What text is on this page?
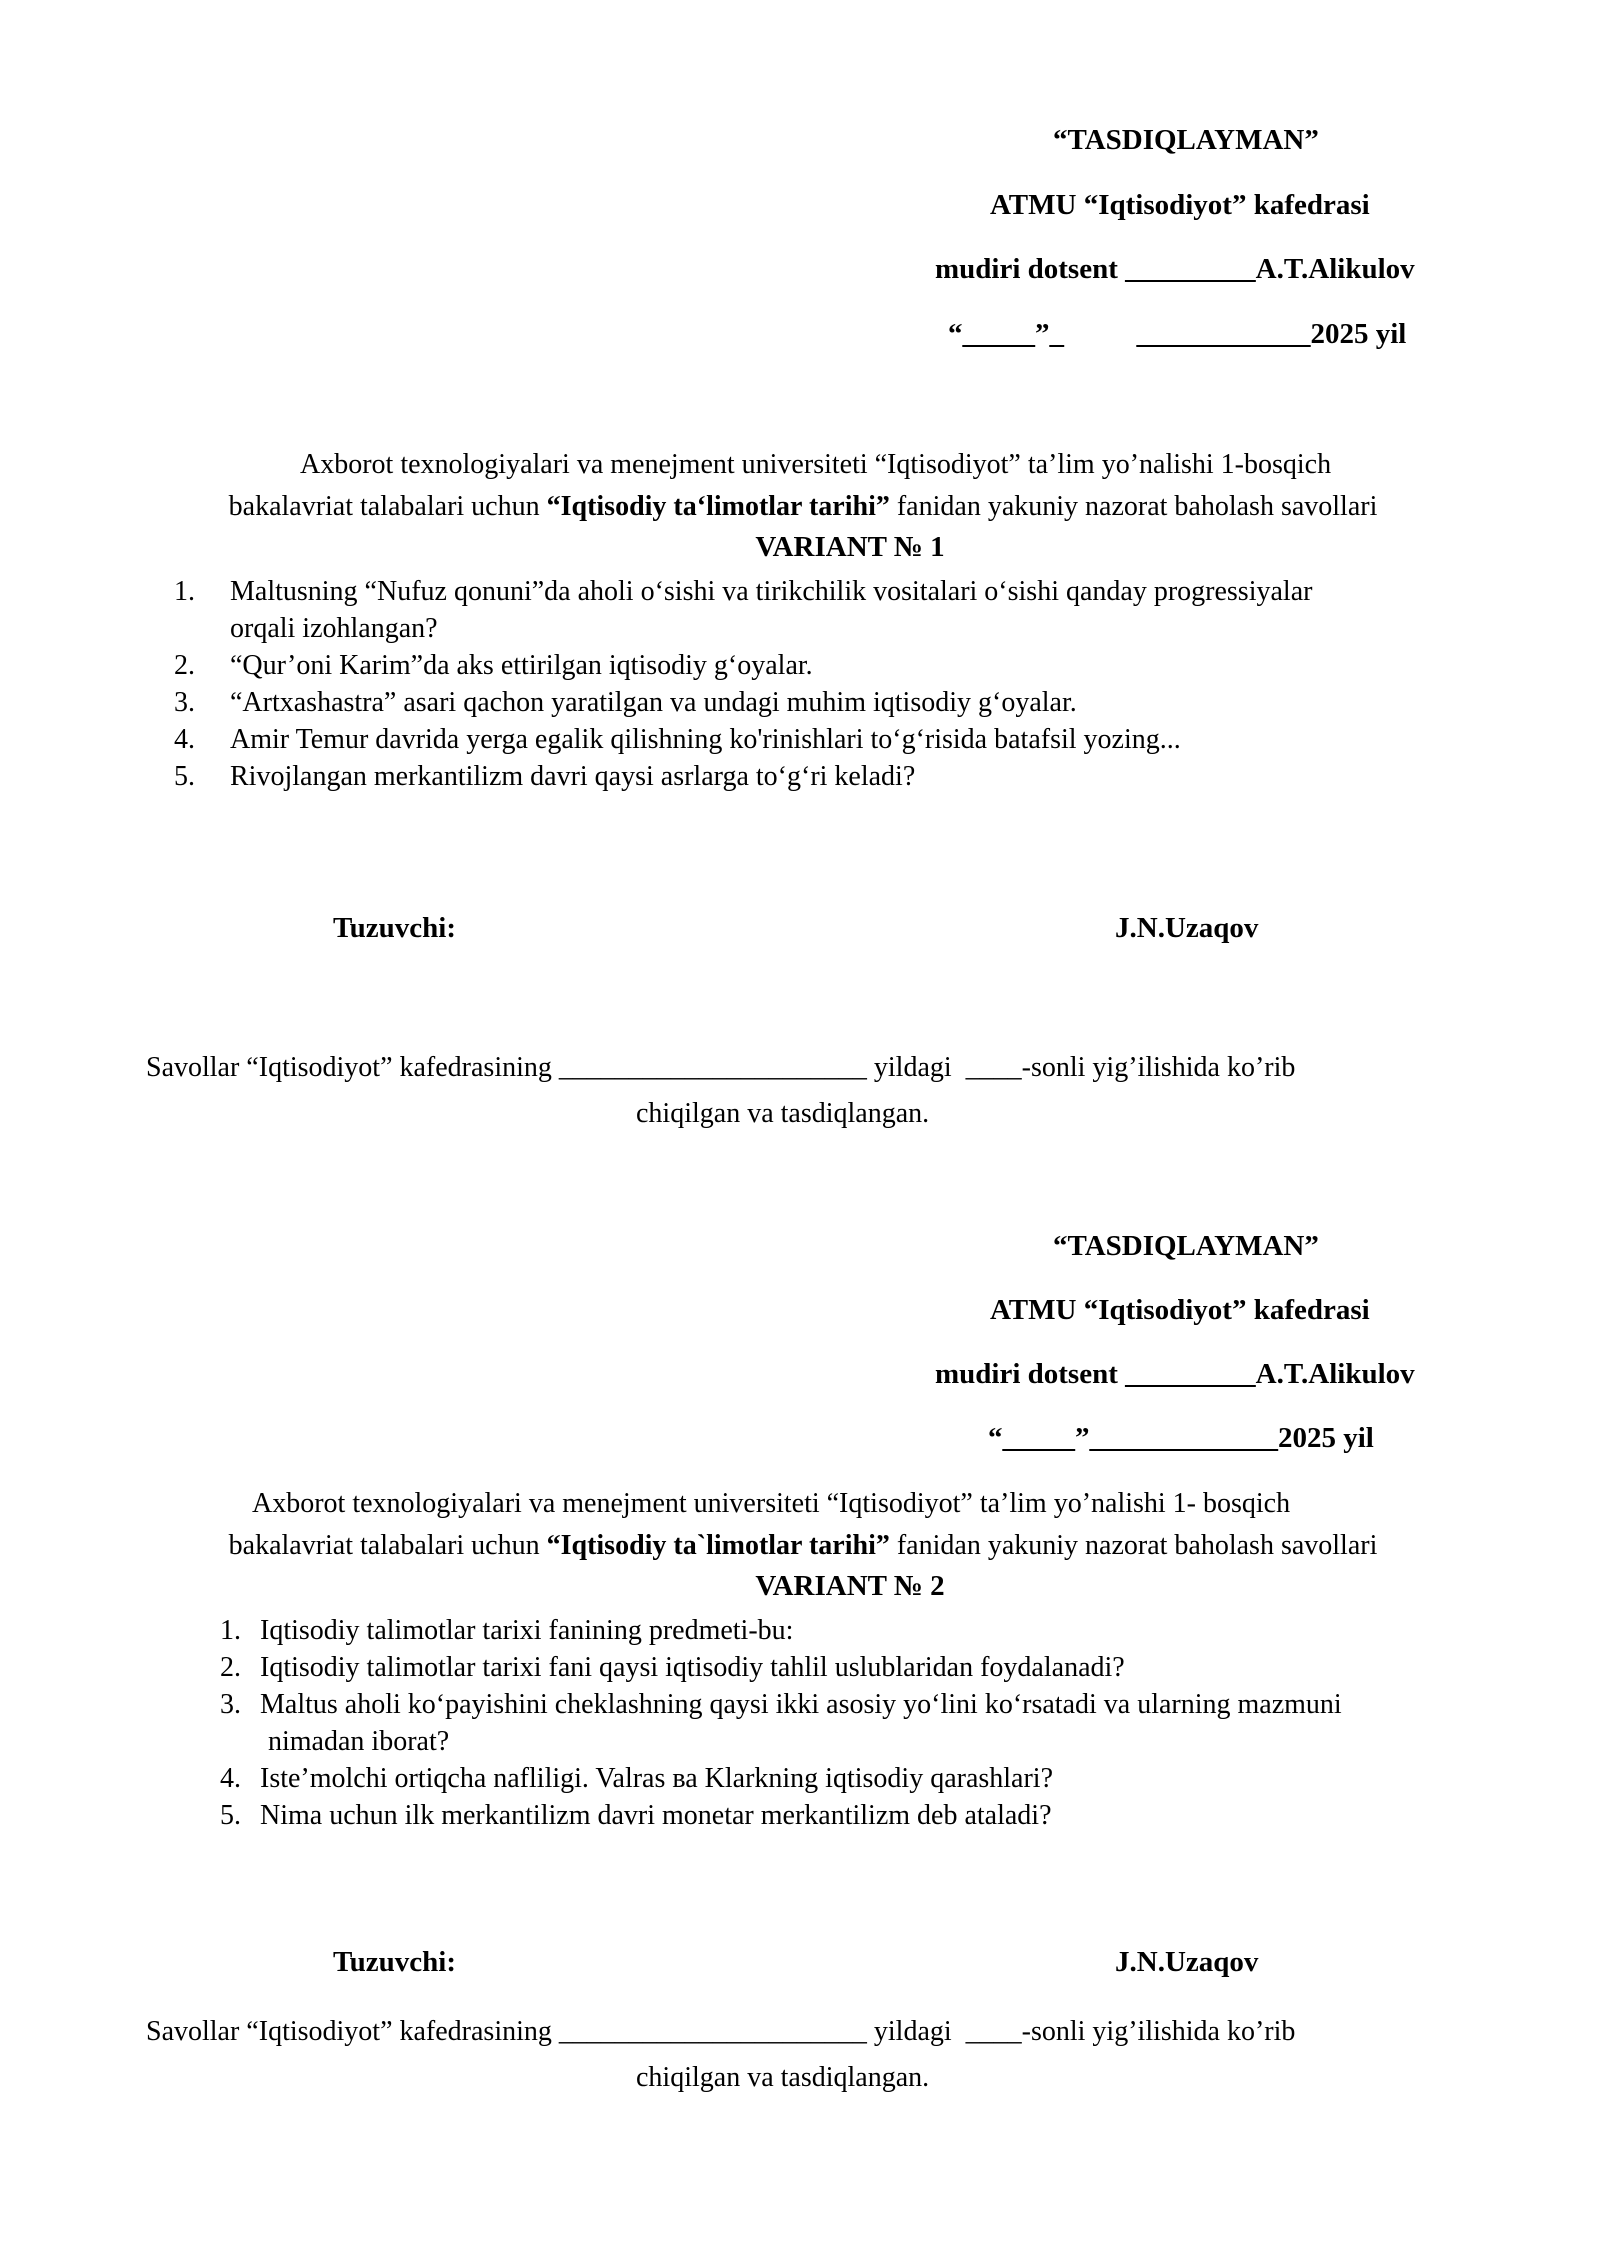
“TASDIQLAYMAN”
ATMU “Iqtisodiyot” kafedrasi
mudiri dotsent _________A.T.Alikulov
“_____”_          ____________2025 yil
Axborot texnologiyalari va menejment universiteti “Iqtisodiyot” ta’lim yo’nalishi 1-bosqich
bakalavriat talabalari uchun “Iqtisodiy ta‘limotlar tarihi” fanidan yakuniy nazorat baholash savollari
VARIANT № 1
1. Maltusning “Nufuz qonuni”da aholi o‘sishi va tirikchilik vositalari o‘sishi qanday progressiyalar
orqali izohlangan?
2. “Qur’oni Karim”da aks ettirilgan iqtisodiy g‘oyalar.
3. “Artxashastra” asari qachon yaratilgan va undagi muhim iqtisodiy g‘oyalar.
4. Amir Temur davrida yerga egalik qilishning ko'rinishlari to‘g‘risida batafsil yozing...
5. Rivojlangan merkantilizm davri qaysi asrlarga to‘g‘ri keladi?
Tuzuvchi:	J.N.Uzaqov
Savollar “Iqtisodiyot” kafedrasining ______________________ yildagi  ____-sonli yig’ilishida ko’rib
chiqilgan va tasdiqlangan.
“TASDIQLAYMAN”
ATMU “Iqtisodiyot” kafedrasi
mudiri dotsent _________A.T.Alikulov
“_____”_____________2025 yil
Axborot texnologiyalari va menejment universiteti “Iqtisodiyot” ta’lim yo’nalishi 1- bosqich
bakalavriat talabalari uchun “Iqtisodiy ta`limotlar tarihi” fanidan yakuniy nazorat baholash savollari
VARIANT № 2
1. Iqtisodiy talimotlar tarixi fanining predmeti-bu:
2. Iqtisodiy talimotlar tarixi fani qaysi iqtisodiy tahlil uslublaridan foydalanadi?
3. Maltus aholi ko‘payishini cheklashning qaysi ikki asosiy yo‘lini ko‘rsatadi va ularning mazmuni
nimadan iborat?
4. Iste’molchi ortiqcha nafliligi. Valras ва Klarkning iqtisodiy qarashlari?
5. Nima uchun ilk merkantilizm davri monetar merkantilizm deb ataladi?
Tuzuvchi:	J.N.Uzaqov
Savollar “Iqtisodiyot” kafedrasining ______________________ yildagi  ____-sonli yig’ilishida ko’rib
chiqilgan va tasdiqlangan.
